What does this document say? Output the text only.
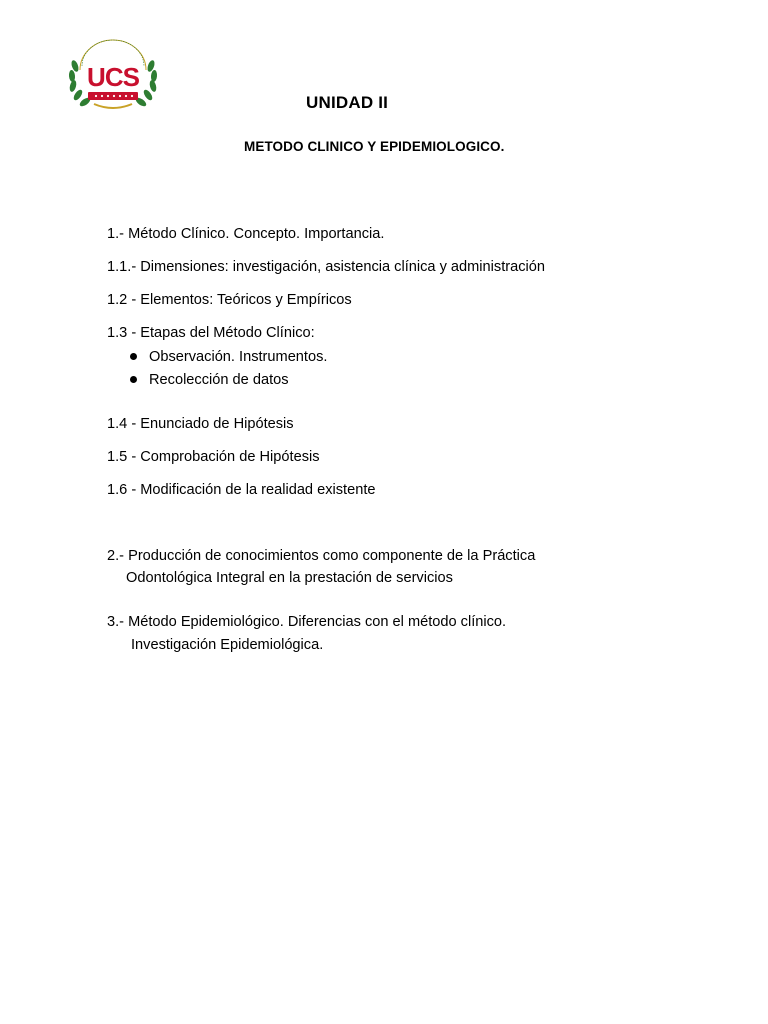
UCS
UNIDAD II
METODO CLINICO Y EPIDEMIOLOGICO.
1.- Método Clínico. Concepto. Importancia.
1.1.- Dimensiones: investigación, asistencia clínica y administración
1.2 - Elementos: Teóricos y Empíricos
1.3 - Etapas del Método Clínico:
Observación. Instrumentos.
Recolección de datos
1.4 - Enunciado de Hipótesis
1.5 - Comprobación de Hipótesis
1.6 - Modificación de la realidad existente
2.- Producción de conocimientos como componente de la Práctica
Odontológica Integral en la prestación de servicios
3.- Método Epidemiológico. Diferencias con el método clínico.
Investigación Epidemiológica.
